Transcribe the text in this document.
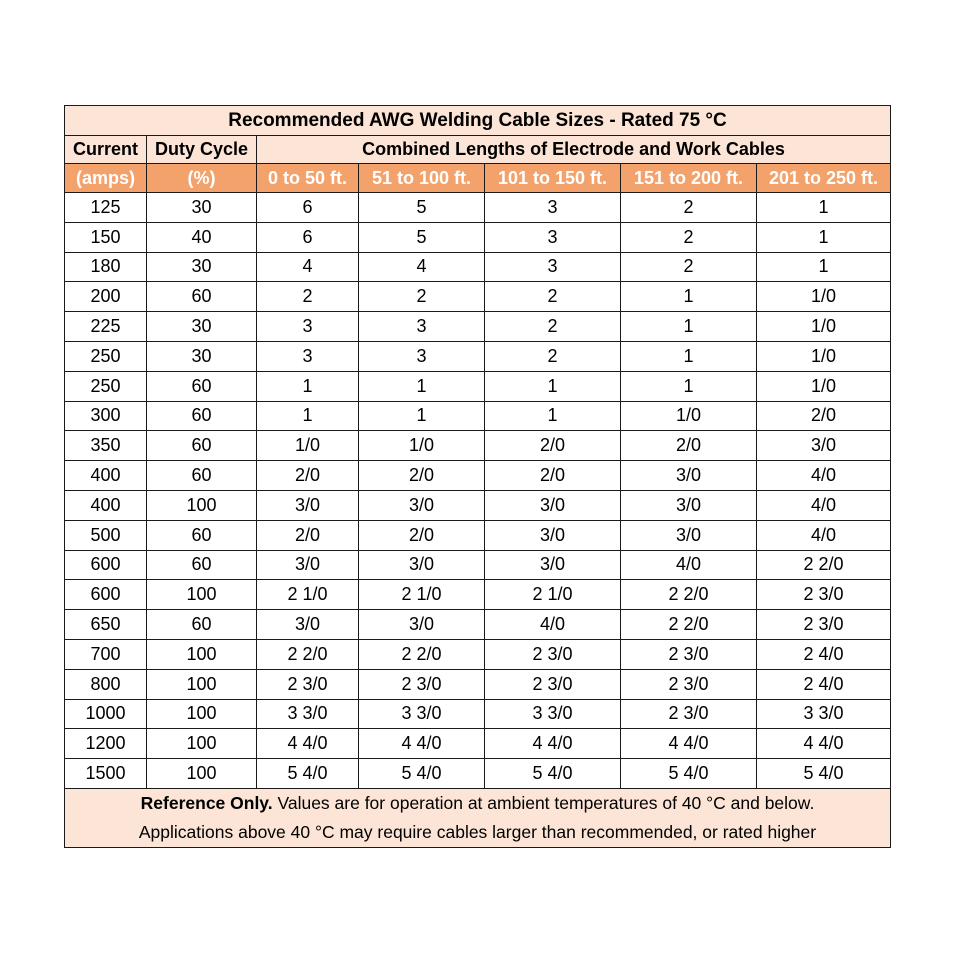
Recommended AWG Welding Cable Sizes - Rated 75 °C						
Current	Duty Cycle	Combined Lengths of Electrode and Work Cables				
(amps)	(%)	0 to 50 ft.	51 to 100 ft.	101 to 150 ft.	151 to 200 ft.	201 to 250 ft.
125	30	6	5	3	2	1
150	40	6	5	3	2	1
180	30	4	4	3	2	1
200	60	2	2	2	1	1/0
225	30	3	3	2	1	1/0
250	30	3	3	2	1	1/0
250	60	1	1	1	1	1/0
300	60	1	1	1	1/0	2/0
350	60	1/0	1/0	2/0	2/0	3/0
400	60	2/0	2/0	2/0	3/0	4/0
400	100	3/0	3/0	3/0	3/0	4/0
500	60	2/0	2/0	3/0	3/0	4/0
600	60	3/0	3/0	3/0	4/0	2 2/0
600	100	2 1/0	2 1/0	2 1/0	2 2/0	2 3/0
650	60	3/0	3/0	4/0	2 2/0	2 3/0
700	100	2 2/0	2 2/0	2 3/0	2 3/0	2 4/0
800	100	2 3/0	2 3/0	2 3/0	2 3/0	2 4/0
1000	100	3 3/0	3 3/0	3 3/0	2 3/0	3 3/0
1200	100	4 4/0	4 4/0	4 4/0	4 4/0	4 4/0
1500	100	5 4/0	5 4/0	5 4/0	5 4/0	5 4/0
Reference Only. Values are for operation at ambient temperatures of 40 °C and below.
Applications above 40 °C may require cables larger than recommended, or rated higher						
